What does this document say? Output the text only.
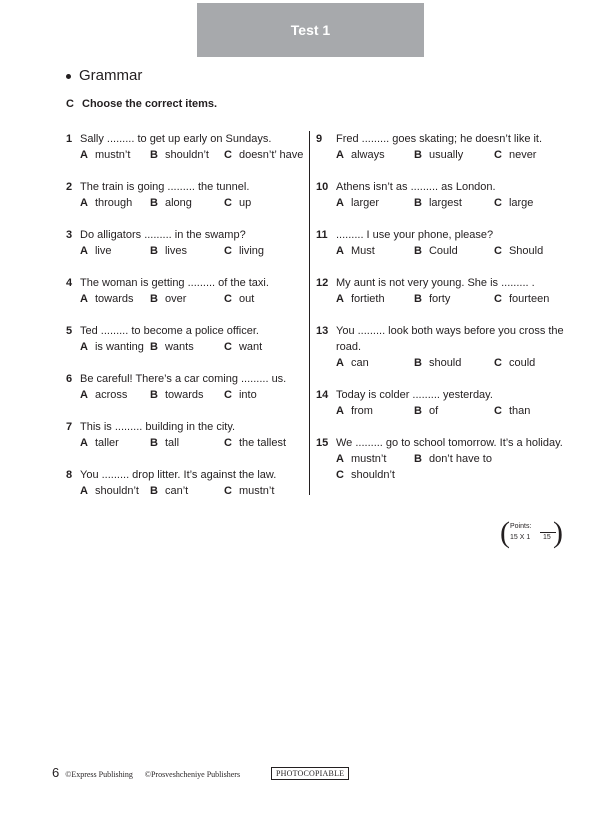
Test 1
Grammar
C Choose the correct items.
1 Sally ......... to get up early on Sundays.
A mustn’t B shouldn’t C doesn’t’ have
2 The train is going ......... the tunnel.
A through B along	C up
3 Do alligators ......... in the swamp?
A live	B lives	C living
4 The woman is getting ......... of the taxi.
A towards B over	C out
5 Ted ......... to become a police officer.
A is wanting B wants	C want
6 Be careful! There’s a car coming ......... us.
A across B towards C into
7 This is ......... building in the city.
A taller	B tall	C the tallest
8 You ......... drop litter. It’s against the law.
A shouldn’t B can’t	C mustn’t
9 Fred ......... goes skating; he doesn’t like it.
A always	B usually	C never
10 Athens isn’t as ......... as London.
A larger	B largest	C large
11 ......... I use your phone, please?
A Must	B Could	C Should
12 My aunt is not very young. She is ......... .
A fortieth	B forty	C fourteen
13 You ......... look both ways before you cross the
road.
A can	B should	C could
14 Today is colder ......... yesterday.
A from	B of	C than
15 We ......... go to school tomorrow. It’s a holiday.
A mustn’t	B don’t have to
C shouldn’t
( Points:
15 X 1 15 )
6 ©Express Publishing ©Prosveshcheniye Publishers	PHOTOCOPIABLE
